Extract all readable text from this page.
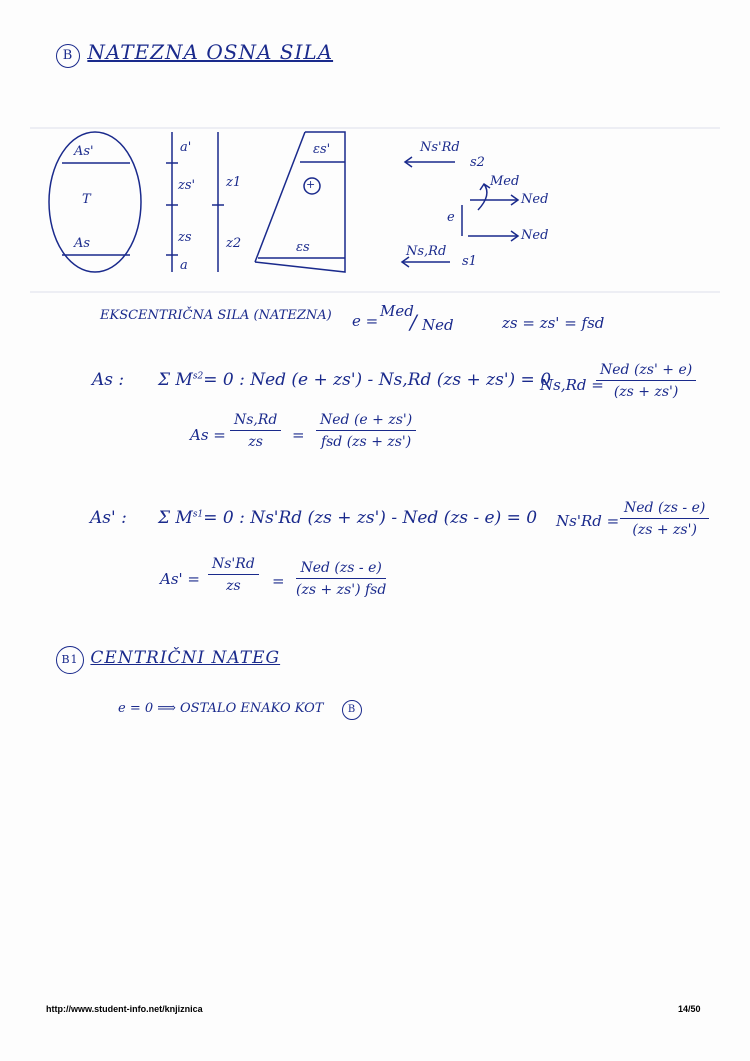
B NATEZNA OSNA SILA
As'
T
As
a'
zs' z1
zs	z2
a
εs'
+
εs
Ns'Rd
s2
Med
Ned
e
Ned
Ns,Rd
s1
EKSCENTRIČNA SILA (NATEZNA) e =
Med
/ Ned	zs = zs' = fsd
As : Σ $M^{s2}= 0$ : Ned (e + zs') - Ns,Rd (zs + zs') = 0
Ns,Rd =
Ned (zs' + e)
(zs + zs')
$As = \frac{Ns,Rd}{zs}$ =
Ned (e + zs')
fsd (zs + zs')
As' : Σ $M^{s1}= 0$ : Ns'Rd (zs + zs') - Ned (zs - e) = 0 Ns'Rd =
Ned (zs - e)
(zs + zs')
$As' = \frac{Ns'Rd}{zs}$ =
Ned (zs - e)
(zs + zs') fsd
B1 CENTRIČNI NATEG
e = 0 ⟹ OSTALO ENAKO KOT B
http://www.student-info.net/knjiznica	14/50
